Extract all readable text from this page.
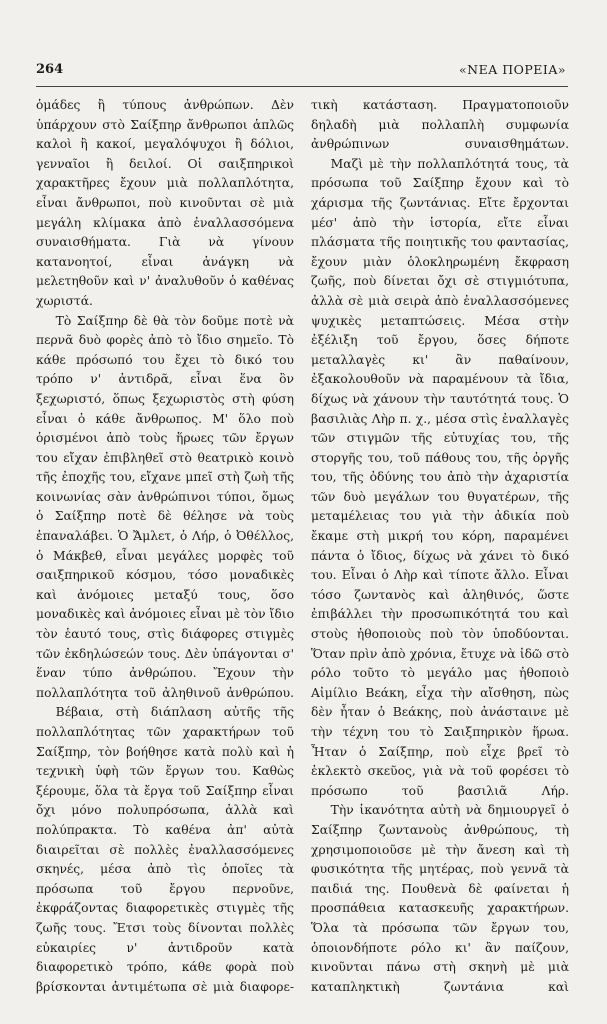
264	«ΝΕΑ ΠΟΡΕΙΑ»

ὁμάδες ἢ τύπους ἀνθρώπων. Δὲν ὑπάρχουν στὸ Σαίξπηρ ἄνθρωποι ἁπλῶς καλοὶ ἢ κακοί, μεγαλόψυχοι ἢ δόλιοι, γενναῖοι ἢ δειλοί. Οἱ σαιξπηρικοὶ χαρακτῆρες ἔχουν μιὰ πολλαπλότητα, εἶναι ἄνθρωποι, ποὺ κινοῦνται σὲ μιὰ μεγάλη κλίμακα ἀπὸ ἐναλλασσόμενα συναισθήματα. Γιὰ νὰ γίνουν κατανοητοί, εἶναι ἀνάγκη νὰ μελετηθοῦν καὶ ν' ἀναλυθοῦν ὁ καθένας χωριστά.

Τὸ Σαίξπηρ δὲ θὰ τὸν δοῦμε ποτὲ νὰ περνᾶ δυὸ φορὲς ἀπὸ τὸ ἴδιο σημεῖο. Τὸ κάθε πρόσωπό του ἔχει τὸ δικό του τρόπο ν' ἀντιδρᾶ, εἶναι ἕνα ὂν ξεχωριστό, ὅπως ξεχωριστὸς στὴ φύση εἶναι ὁ κάθε ἄνθρωπος. Μ' ὅλο ποὺ ὁρισμένοι ἀπὸ τοὺς ἥρωες τῶν ἔργων του εἴχαν ἐπιβληθεῖ στὸ θεατρικὸ κοινὸ τῆς ἐποχῆς του, εἴχανε μπεῖ στὴ ζωὴ τῆς κοινωνίας σὰν ἀνθρώπινοι τύποι, ὅμως ὁ Σαίξπηρ ποτὲ δὲ θέλησε νὰ τοὺς ἐπαναλάβει. Ὁ Ἄμλετ, ὁ Λήρ, ὁ Ὀθέλλος, ὁ Μάκβεθ, εἶναι μεγάλες μορφὲς τοῦ σαιξπηρικοῦ κόσμου, τόσο μοναδικὲς καὶ ἀνόμοιες μεταξύ τους, ὅσο μοναδικὲς καὶ ἀνόμοιες εἶναι μὲ τὸν ἴδιο τὸν ἑαυτό τους, στὶς διάφορες στιγμὲς τῶν ἐκδηλώσεών τους. Δὲν ὑπάγονται σ' ἕναν τύπο ἀνθρώπου. Ἔχουν τὴν πολλαπλότητα τοῦ ἀληθινοῦ ἀνθρώπου.

Βέβαια, στὴ διάπλαση αὐτῆς τῆς πολλαπλότητας τῶν χαρακτήρων τοῦ Σαίξπηρ, τὸν βοήθησε κατὰ πολὺ καὶ ἡ τεχνικὴ ὑφὴ τῶν ἔργων του. Καθὼς ξέρουμε, ὅλα τὰ ἔργα τοῦ Σαίξπηρ εἶναι ὄχι μόνο πολυπρόσωπα, ἀλλὰ καὶ πολύπρακτα. Τὸ καθένα ἀπ' αὐτὰ διαιρεῖται σὲ πολλὲς ἐναλλασσόμενες σκηνές, μέσα ἀπὸ τὶς ὁποῖες τὰ πρόσωπα τοῦ ἔργου περνοῦνε, ἐκφράζοντας διαφορετικὲς στιγμὲς τῆς ζωῆς τους. Ἔτσι τοὺς δίνονται πολλὲς εὐκαιρίες ν' ἀντιδροῦν κατὰ διαφορετικὸ τρόπο, κάθε φορὰ ποὺ βρίσκονται ἀντιμέτωπα σὲ μιὰ διαφορε-

τικὴ κατάσταση. Πραγματοποιοῦν δηλαδὴ μιὰ πολλαπλὴ συμφωνία ἀνθρώπινων συναισθημάτων.

Μαζὶ μὲ τὴν πολλαπλότητά τους, τὰ πρόσωπα τοῦ Σαίξπηρ ἔχουν καὶ τὸ χάρισμα τῆς ζωντάνιας. Εἴτε ἔρχονται μέσ' ἀπὸ τὴν ἱστορία, εἴτε εἶναι πλάσματα τῆς ποιητικῆς του φαντασίας, ἔχουν μιὰν ὁλοκληρωμένη ἔκφραση ζωῆς, ποὺ δίνεται ὄχι σὲ στιγμιότυπα, ἀλλὰ σὲ μιὰ σειρὰ ἀπὸ ἐναλλασσόμενες ψυχικὲς μεταπτώσεις. Μέσα στὴν ἐξέλιξη τοῦ ἔργου, ὅσες δήποτε μεταλλαγὲς κι' ἂν παθαίνουν, ἐξακολουθοῦν νὰ παραμένουν τὰ ἴδια, δίχως νὰ χάνουν τὴν ταυτότητά τους. Ὁ βασιλιὰς Λὴρ π. χ., μέσα στὶς ἐναλλαγὲς τῶν στιγμῶν τῆς εὐτυχίας του, τῆς στοργῆς του, τοῦ πάθους του, τῆς ὀργῆς του, τῆς ὀδύνης του ἀπὸ τὴν ἀχαριστία τῶν δυὸ μεγάλων του θυγατέρων, τῆς μεταμέλειας του γιὰ τὴν ἀδικία ποὺ ἔκαμε στὴ μικρή του κόρη, παραμένει πάντα ὁ ἴδιος, δίχως νὰ χάνει τὸ δικό του. Εἶναι ὁ Λὴρ καὶ τίποτε ἄλλο. Εἶναι τόσο ζωντανὸς καὶ ἀληθινός, ὥστε ἐπιβάλλει τὴν προσωπικότητά του καὶ στοὺς ἠθοποιοὺς ποὺ τὸν ὑποδύονται. Ὅταν πρὶν ἀπὸ χρόνια, ἔτυχε νὰ ἰδῶ στὸ ρόλο τοῦτο τὸ μεγάλο μας ἠθοποιὸ Αἰμίλιο Βεάκη, εἶχα τὴν αἴσθηση, πὼς δὲν ἦταν ὁ Βεάκης, ποὺ ἀνάσταινε μὲ τὴν τέχνη του τὸ Σαιξπηρικὸν ἥρωα. Ἦταν ὁ Σαίξπηρ, ποὺ εἶχε βρεῖ τὸ ἐκλεκτὸ σκεῦος, γιὰ νὰ τοῦ φορέσει τὸ πρόσωπο τοῦ βασιλιᾶ Λήρ.

Τὴν ἱκανότητα αὐτὴ νὰ δημιουργεῖ ὁ Σαίξπηρ ζωντανοὺς ἀνθρώπους, τὴ χρησιμοποιοῦσε μὲ τὴν ἄνεση καὶ τὴ φυσικότητα τῆς μητέρας, ποὺ γεννᾶ τὰ παιδιά της. Πουθενὰ δὲ φαίνεται ἡ προσπάθεια κατασκευῆς χαρακτήρων. Ὅλα τὰ πρόσωπα τῶν ἔργων του, ὁποιονδήποτε ρόλο κι' ἂν παίζουν, κινοῦνται πάνω στὴ σκηνὴ μὲ μιὰ καταπληκτικὴ ζωντάνια καὶ
